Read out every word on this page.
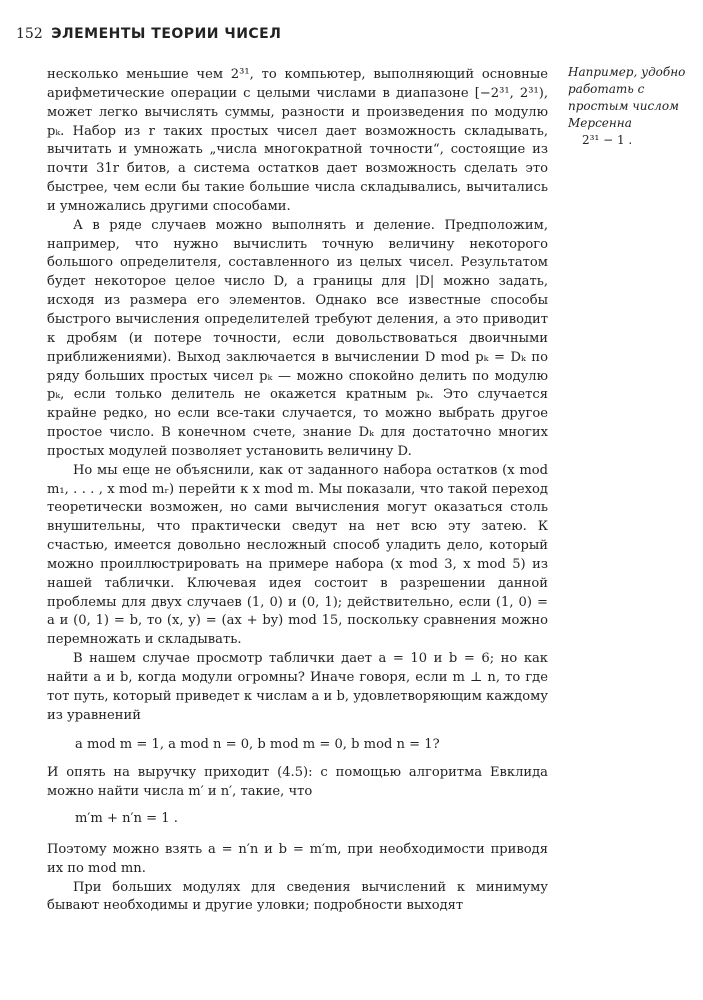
152 ЭЛЕМЕНТЫ ТЕОРИИ ЧИСЕЛ

несколько меньшие чем 2³¹, то компьютер, выполняющий основные арифметические операции с целыми числами в диапазоне [−2³¹, 2³¹), может легко вычислять суммы, разности и произведения по модулю pₖ. Набор из r таких простых чисел дает возможность складывать, вычитать и умножать „числа многократной точности“, состоящие из почти 31r битов, а система остатков дает возможность сделать это быстрее, чем если бы такие большие числа складывались, вычитались и умножались другими способами.

А в ряде случаев можно выполнять и деление. Предположим, например, что нужно вычислить точную величину некоторого большого определителя, составленного из целых чисел. Результатом будет некоторое целое число D, а границы для |D| можно задать, исходя из размера его элементов. Однако все известные способы быстрого вычисления определителей требуют деления, а это приводит к дробям (и потере точности, если довольствоваться двоичными приближениями). Выход заключается в вычислении D mod pₖ = Dₖ по ряду больших простых чисел pₖ — можно спокойно делить по модулю pₖ, если только делитель не окажется кратным pₖ. Это случается крайне редко, но если все-таки случается, то можно выбрать другое простое число. В конечном счете, знание Dₖ для достаточно многих простых модулей позволяет установить величину D.

Но мы еще не объяснили, как от заданного набора остатков (x mod m₁, . . . , x mod mᵣ) перейти к x mod m. Мы показали, что такой переход теоретически возможен, но сами вычисления могут оказаться столь внушительны, что практически сведут на нет всю эту затею. К счастью, имеется довольно несложный способ уладить дело, который можно проиллюстрировать на примере набора (x mod 3, x mod 5) из нашей таблички. Ключевая идея состоит в разрешении данной проблемы для двух случаев (1, 0) и (0, 1); действительно, если (1, 0) = a и (0, 1) = b, то (x, y) = (ax + by) mod 15, поскольку сравнения можно перемножать и складывать.

В нашем случае просмотр таблички дает a = 10 и b = 6; но как найти a и b, когда модули огромны? Иначе говоря, если m ⊥ n, то где тот путь, который приведет к числам a и b, удовлетворяющим каждому из уравнений

a mod m = 1, a mod n = 0, b mod m = 0, b mod n = 1?

И опять на выручку приходит (4.5): с помощью алгоритма Евклида можно найти числа m′ и n′, такие, что

m′m + n′n = 1 .

Поэтому можно взять a = n′n и b = m′m, при необходимости приводя их по mod mn.

При больших модулях для сведения вычислений к минимуму бывают необходимы и другие уловки; подробности выходят

Например, удобно работать с простым числом Мерсенна
2³¹ − 1 .
